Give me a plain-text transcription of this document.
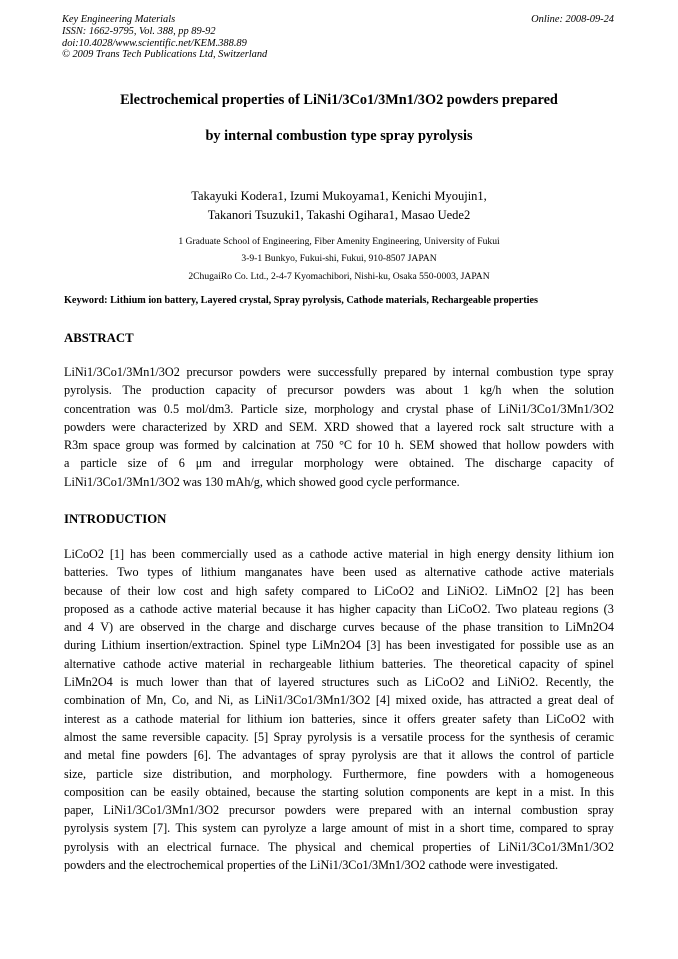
Key Engineering Materials
ISSN: 1662-9795, Vol. 388, pp 89-92
doi:10.4028/www.scientific.net/KEM.388.89
© 2009 Trans Tech Publications Ltd, Switzerland
Online: 2008-09-24
Electrochemical properties of LiNi1/3Co1/3Mn1/3O2 powders prepared
by internal combustion type spray pyrolysis
Takayuki Kodera1, Izumi Mukoyama1, Kenichi Myoujin1,
Takanori Tsuzuki1, Takashi Ogihara1, Masao Uede2
1 Graduate School of Engineering, Fiber Amenity Engineering, University of Fukui
3-9-1 Bunkyo, Fukui-shi, Fukui, 910-8507 JAPAN
2ChugaiRo Co. Ltd., 2-4-7 Kyomachibori, Nishi-ku, Osaka 550-0003, JAPAN
Keyword: Lithium ion battery, Layered crystal, Spray pyrolysis, Cathode materials, Rechargeable properties
ABSTRACT
LiNi1/3Co1/3Mn1/3O2 precursor powders were successfully prepared by internal combustion type spray
pyrolysis. The production capacity of precursor powders was about 1 kg/h when the solution
concentration was 0.5 mol/dm3. Particle size, morphology and crystal phase of LiNi1/3Co1/3Mn1/3O2
powders were characterized by XRD and SEM. XRD showed that a layered rock salt structure with a
R3m space group was formed by calcination at 750 °C for 10 h. SEM showed that hollow powders with
a particle size of 6 μm and irregular morphology were obtained. The discharge capacity of
LiNi1/3Co1/3Mn1/3O2 was 130 mAh/g, which showed good cycle performance.
INTRODUCTION
LiCoO2 [1] has been commercially used as a cathode active material in high energy density lithium ion
batteries. Two types of lithium manganates have been used as alternative cathode active materials
because of their low cost and high safety compared to LiCoO2 and LiNiO2. LiMnO2 [2] has been
proposed as a cathode active material because it has higher capacity than LiCoO2. Two plateau regions (3
and 4 V) are observed in the charge and discharge curves because of the phase transition to LiMn2O4
during Lithium insertion/extraction. Spinel type LiMn2O4 [3] has been investigated for possible use as an
alternative cathode active material in rechargeable lithium batteries. The theoretical capacity of spinel
LiMn2O4 is much lower than that of layered structures such as LiCoO2 and LiNiO2. Recently, the
combination of Mn, Co, and Ni, as LiNi1/3Co1/3Mn1/3O2 [4] mixed oxide, has attracted a great deal of
interest as a cathode material for lithium ion batteries, since it offers greater safety than LiCoO2 with
almost the same reversible capacity. [5] Spray pyrolysis is a versatile process for the synthesis of ceramic
and metal fine powders [6]. The advantages of spray pyrolysis are that it allows the control of particle
size, particle size distribution, and morphology. Furthermore, fine powders with a homogeneous
composition can be easily obtained, because the starting solution components are kept in a mist. In this
paper, LiNi1/3Co1/3Mn1/3O2 precursor powders were prepared with an internal combustion spray
pyrolysis system [7]. This system can pyrolyze a large amount of mist in a short time, compared to spray
pyrolysis with an electrical furnace. The physical and chemical properties of LiNi1/3Co1/3Mn1/3O2
powders and the electrochemical properties of the LiNi1/3Co1/3Mn1/3O2 cathode were investigated.
